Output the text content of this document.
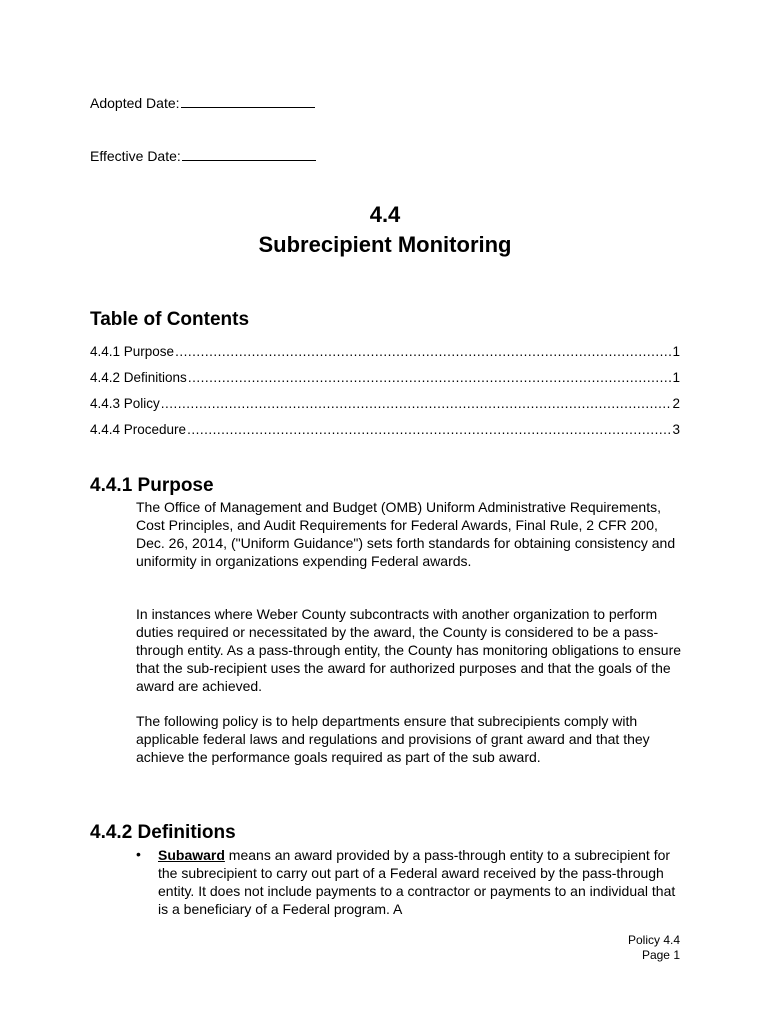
Adopted Date:
Effective Date:
4.4
Subrecipient Monitoring
Table of Contents
4.4.1 Purpose .....	1
4.4.2 Definitions .....	1
4.4.3 Policy .....	2
4.4.4 Procedure .....	3
4.4.1 Purpose
The Office of Management and Budget (OMB) Uniform Administrative Requirements, Cost Principles, and Audit Requirements for Federal Awards, Final Rule, 2 CFR 200, Dec. 26, 2014, ("Uniform Guidance") sets forth standards for obtaining consistency and uniformity in organizations expending Federal awards.
In instances where Weber County subcontracts with another organization to perform duties required or necessitated by the award, the County is considered to be a pass-through entity. As a pass-through entity, the County has monitoring obligations to ensure that the sub-recipient uses the award for authorized purposes and that the goals of the award are achieved.
The following policy is to help departments ensure that subrecipients comply with applicable federal laws and regulations and provisions of grant award and that they achieve the performance goals required as part of the sub award.
4.4.2 Definitions
• Subaward means an award provided by a pass-through entity to a subrecipient for the subrecipient to carry out part of a Federal award received by the pass-through entity. It does not include payments to a contractor or payments to an individual that is a beneficiary of a Federal program. A
Policy 4.4
Page 1
